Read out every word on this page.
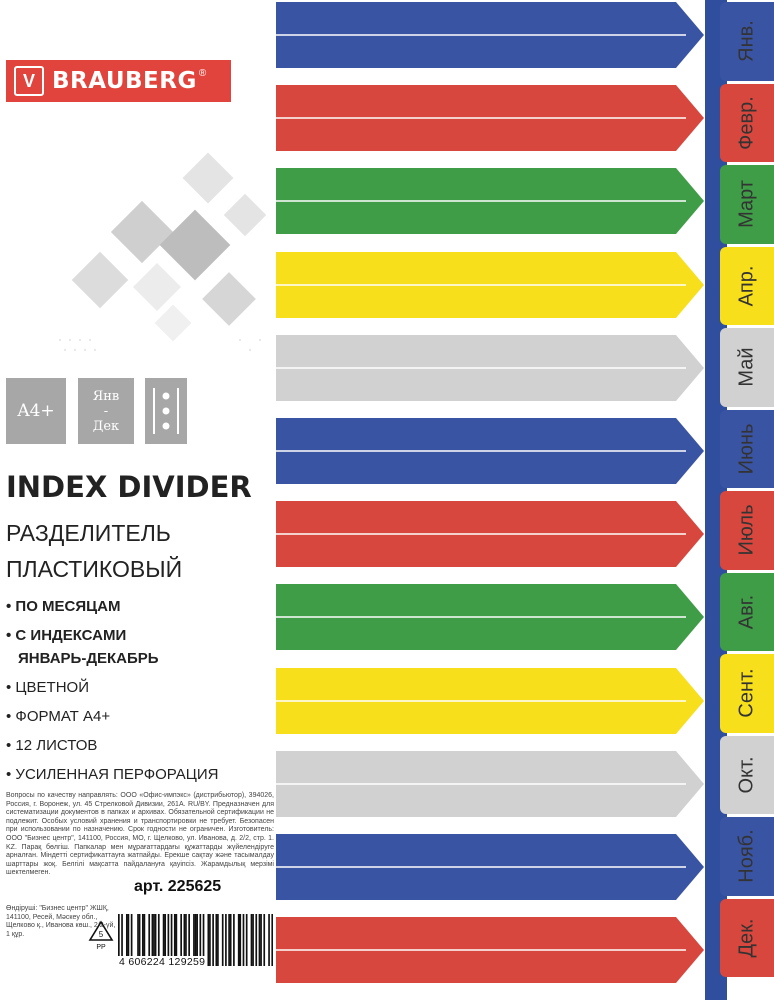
V BRAUBERG ®
A4+
Янв
-
Дек
INDEX DIVIDER
РАЗДЕЛИТЕЛЬ
ПЛАСТИКОВЫЙ
• ПО МЕСЯЦАМ
• С ИНДЕКСАМИ
ЯНВАРЬ-ДЕКАБРЬ
• ЦВЕТНОЙ
• ФОРМАТ А4+
• 12 ЛИСТОВ
• УСИЛЕННАЯ ПЕРФОРАЦИЯ
Вопросы по качеству направлять: ООО «Офис-импэкс» (дистрибьютор), 394026, Россия, г. Воронеж, ул. 45 Стрелковой Дивизии, 261А. RU/BY. Предназначен для систематизации документов в папках и архивах. Обязательной сертификации не подлежит. Особых условий хранения и транспортировки не требует. Безопасен при использовании по назначению. Срок годности не ограничен. Изготовитель: ООО "Бизнес центр", 141100, Россия, МО, г. Щелково, ул. Иванова, д. 2/2, стр. 1. KZ. Парақ бөлгіш. Папкалар мен мұрағаттардағы құжаттарды жүйелендіруге арналған. Міндетті сертификаттауға жатпайды. Ерекше сақтау және тасымалдау шарттары жоқ. Белгілі мақсатта пайдалануға қауіпсіз. Жарамдылық мерзімі шектелмеген.
Өндіруші: "Бизнес центр" ЖШҚ, 141100, Ресей, Мәскеу обл., Щелково қ., Иванова көш., 2/2-үй, 1 құр.
арт. 225625
5
PP
4 606224 129259
Янв.
Февр.
Март
Апр.
Май
Июнь
Июль
Авг.
Сент.
Окт.
Нояб.
Дек.
